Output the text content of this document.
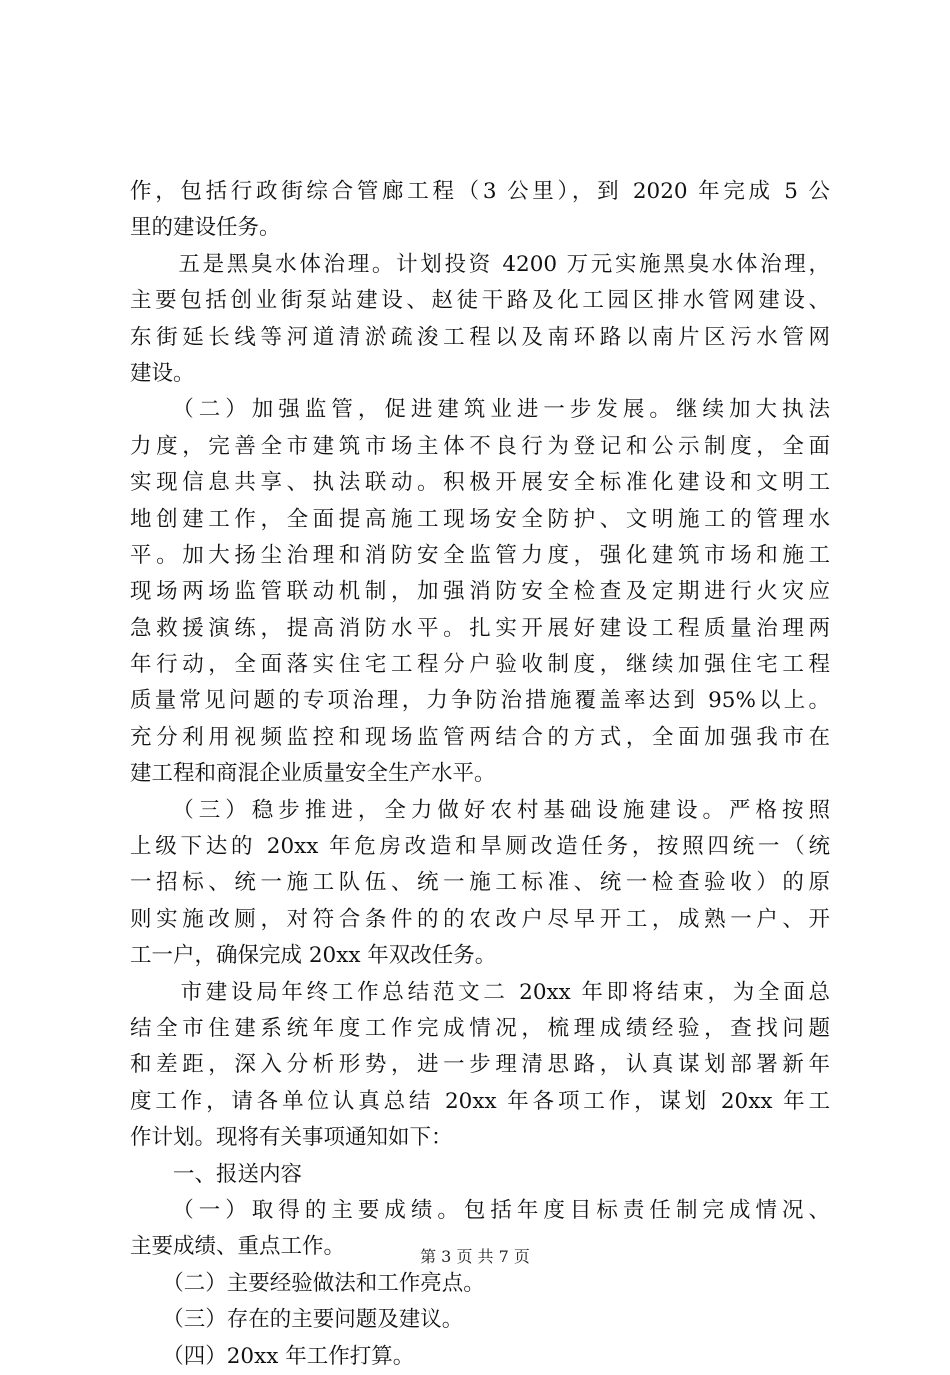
作，包括行政街综合管廊工程（3 公里），到 2020 年完成 5 公
里的建设任务。
　　五是黑臭水体治理。计划投资 4200 万元实施黑臭水体治理，
主要包括创业街泵站建设、赵徒干路及化工园区排水管网建设、
东街延长线等河道清淤疏浚工程以及南环路以南片区污水管网
建设。
　　（二）加强监管，促进建筑业进一步发展。继续加大执法
力度，完善全市建筑市场主体不良行为登记和公示制度，全面
实现信息共享、执法联动。积极开展安全标准化建设和文明工
地创建工作，全面提高施工现场安全防护、文明施工的管理水
平。加大扬尘治理和消防安全监管力度，强化建筑市场和施工
现场两场监管联动机制，加强消防安全检查及定期进行火灾应
急救援演练，提高消防水平。扎实开展好建设工程质量治理两
年行动，全面落实住宅工程分户验收制度，继续加强住宅工程
质量常见问题的专项治理，力争防治措施覆盖率达到 95%以上。
充分利用视频监控和现场监管两结合的方式，全面加强我市在
建工程和商混企业质量安全生产水平。
　　（三）稳步推进，全力做好农村基础设施建设。严格按照
上级下达的 20xx 年危房改造和旱厕改造任务，按照四统一（统
一招标、统一施工队伍、统一施工标准、统一检查验收）的原
则实施改厕，对符合条件的的农改户尽早开工，成熟一户、开
工一户，确保完成 20xx 年双改任务。
　　市建设局年终工作总结范文二 20xx 年即将结束，为全面总
结全市住建系统年度工作完成情况，梳理成绩经验，查找问题
和差距，深入分析形势，进一步理清思路，认真谋划部署新年
度工作，请各单位认真总结 20xx 年各项工作，谋划 20xx 年工
作计划。现将有关事项通知如下：
　　一、报送内容
　　（一）取得的主要成绩。包括年度目标责任制完成情况、
主要成绩、重点工作。
　　（二）主要经验做法和工作亮点。
　　（三）存在的主要问题及建议。
　　（四）20xx 年工作打算。
第 3 页 共 7 页
